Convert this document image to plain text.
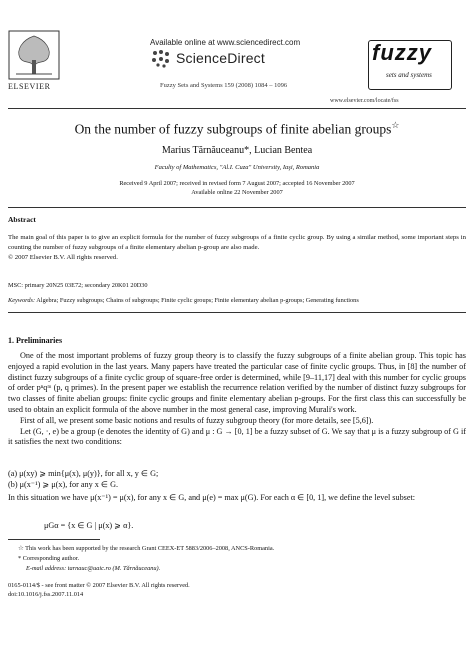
ELSEVIER
Available online at www.sciencedirect.com
ScienceDirect
Fuzzy Sets and Systems 159 (2008) 1084 – 1096
fuzzy
sets and systems
www.elsevier.com/locate/fss
On the number of fuzzy subgroups of finite abelian groups☆
Marius Tărnăuceanu*, Lucian Bentea
Faculty of Mathematics, "Al.I. Cuza" University, Iaşi, Romania
Received 9 April 2007; received in revised form 7 August 2007; accepted 16 November 2007
Available online 22 November 2007
Abstract
The main goal of this paper is to give an explicit formula for the number of fuzzy subgroups of a finite cyclic group. By using a similar method, some important steps in counting the number of fuzzy subgroups of a finite elementary abelian p-group are also made.
© 2007 Elsevier B.V. All rights reserved.
MSC: primary 20N25 03E72; secondary 20K01 20D30
Keywords: Algebra; Fuzzy subgroups; Chains of subgroups; Finite cyclic groups; Finite elementary abelian p-groups; Generating functions
1. Preliminaries

One of the most important problems of fuzzy group theory is to classify the fuzzy subgroups of a finite abelian group. This topic has enjoyed a rapid evolution in the last years. Many papers have treated the particular case of finite cyclic groups. Thus, in [8] the number of distinct fuzzy subgroups of a finite cyclic group of square-free order is determined, while [9–11,17] deal with this number for cyclic groups of order pⁿqᵐ (p, q primes). In the present paper we establish the recurrence relation verified by the number of distinct fuzzy subgroups for two classes of finite abelian groups: finite cyclic groups and finite elementary abelian p-groups. For the first class this can successfully be used to obtain an explicit formula of the above number in the most general case, improving Murali's work.

First of all, we present some basic notions and results of fuzzy subgroup theory (for more details, see [5,6]).

Let (G, ·, e) be a group (e denotes the identity of G) and μ : G → [0, 1] be a fuzzy subset of G. We say that μ is a fuzzy subgroup of G if it satisfies the next two conditions:

(a) μ(xy) ⩾ min{μ(x), μ(y)}, for all x, y ∈ G;
(b) μ(x⁻¹) ⩾ μ(x), for any x ∈ G.
In this situation we have μ(x⁻¹) = μ(x), for any x ∈ G, and μ(e) = max μ(G). For each α ∈ [0, 1], we define the level subset:
μGα = {x ∈ G | μ(x) ⩾ α}.
☆ This work has been supported by the research Grant CEEX-ET 5883/2006–2008, ANCS-Romania.
* Corresponding author.
E-mail address: tarnauc@uaic.ro (M. Tărnăuceanu).
0165-0114/$ - see front matter © 2007 Elsevier B.V. All rights reserved.
doi:10.1016/j.fss.2007.11.014
